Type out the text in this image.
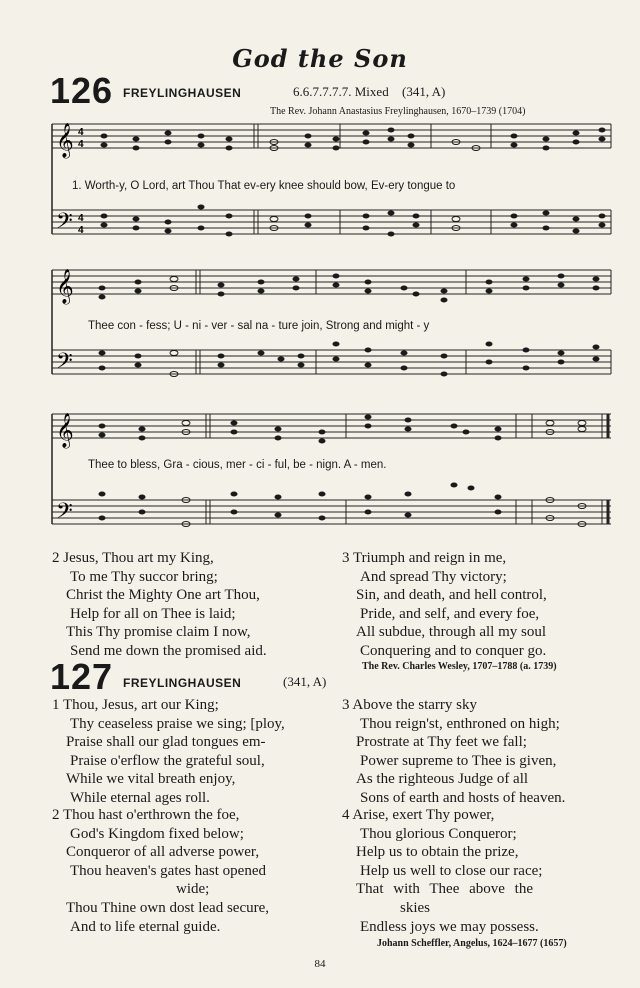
God the Son
126 FREYLINGHAUSEN	6.6.7.7.7.7. Mixed (341, A)
The Rev. Johann Anastasius Freylinghausen, 1670–1739 (1704)
𝄞
𝄢
4
4
4
4
1. Worth-y, O Lord, art Thou That ev-ery knee should bow, Ev-ery tongue to
𝄞
𝄢
Thee con - fess; U - ni - ver - sal na - ture join, Strong and might - y
𝄞
𝄢
Thee to bless, Gra - cious, mer - ci - ful, be - nign. A - men.
2 Jesus, Thou art my King,
To me Thy succor bring;
Christ the Mighty One art Thou,
Help for all on Thee is laid;
This Thy promise claim I now,
Send me down the promised aid.
3 Triumph and reign in me,
And spread Thy victory;
Sin, and death, and hell control,
Pride, and self, and every foe,
All subdue, through all my soul
Conquering and to conquer go.
The Rev. Charles Wesley, 1707–1788 (a. 1739)
127 FREYLINGHAUSEN	(341, A)
1 Thou, Jesus, art our King;
Thy ceaseless praise we sing; [ploy,
Praise shall our glad tongues em-
Praise o'erflow the grateful soul,
While we vital breath enjoy,
While eternal ages roll.
2 Thou hast o'erthrown the foe,
God's Kingdom fixed below;
Conqueror of all adverse power,
Thou heaven's gates hast opened
wide;
Thou Thine own dost lead secure,
And to life eternal guide.
3 Above the starry sky
Thou reign'st, enthroned on high;
Prostrate at Thy feet we fall;
Power supreme to Thee is given,
As the righteous Judge of all
Sons of earth and hosts of heaven.
4 Arise, exert Thy power,
Thou glorious Conqueror;
Help us to obtain the prize,
Help us well to close our race;
That with Thee above the
skies
Endless joys we may possess.
Johann Scheffler, Angelus, 1624–1677 (1657)
84
